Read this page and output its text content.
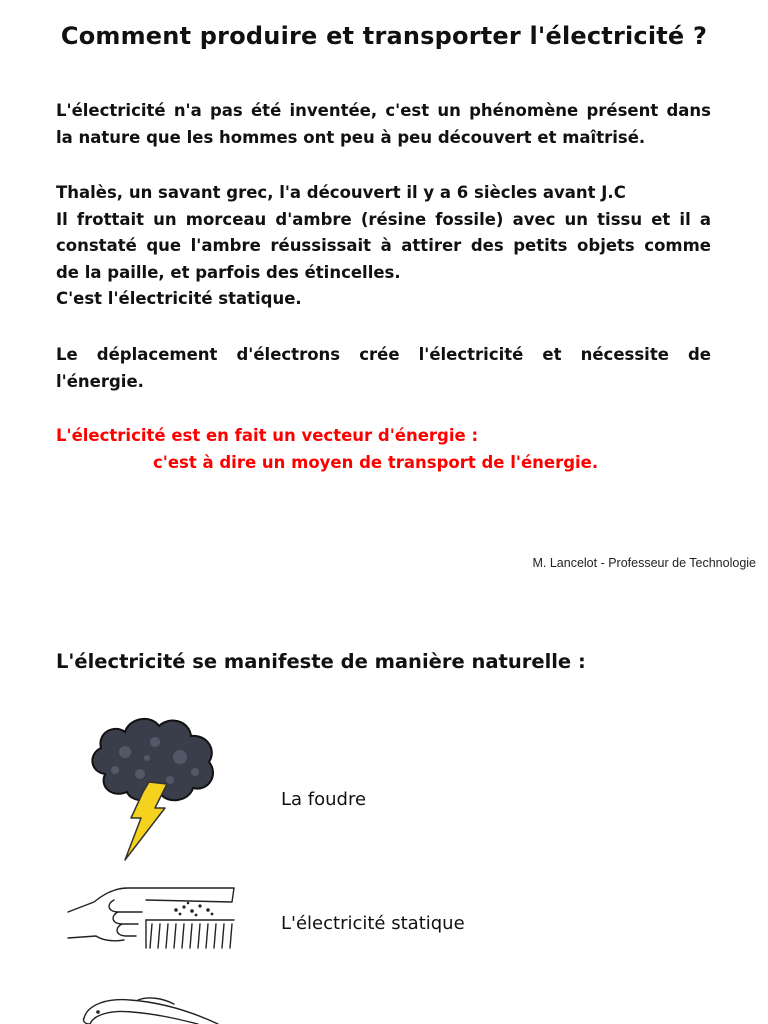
Comment produire et transporter l'électricité ?

L'électricité n'a pas été inventée, c'est un phénomène présent dans
la nature que les hommes ont peu à peu découvert et maîtrisé.

Thalès, un savant grec, l'a découvert il y a 6 siècles avant J.C
Il frottait un morceau d'ambre (résine fossile) avec un tissu et il a
constaté que l'ambre réussissait à attirer des petits objets comme
de la paille, et parfois des étincelles.
C'est l'électricité statique.

Le déplacement d'électrons crée l'électricité et nécessite de
l'énergie.

L'électricité est en fait un vecteur d'énergie :
c'est à dire un moyen de transport de l'énergie.

M. Lancelot - Professeur de Technologie
L'électricité se manifeste de manière naturelle :
La foudre
L'électricité statique
